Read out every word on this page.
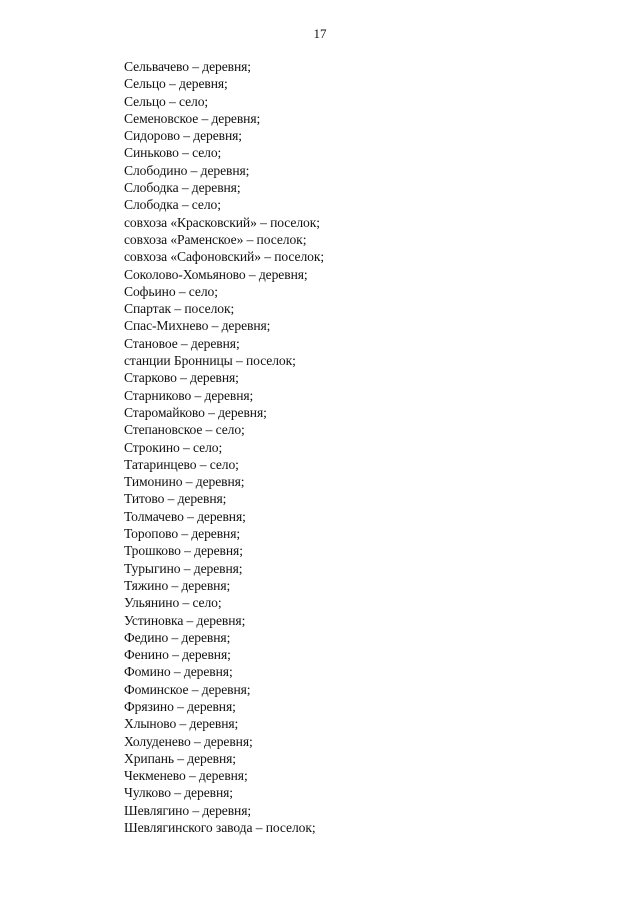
17
Сельвачево – деревня;
Сельцо – деревня;
Сельцо – село;
Семеновское – деревня;
Сидорово – деревня;
Синьково – село;
Слободино – деревня;
Слободка – деревня;
Слободка – село;
совхоза «Красковский» – поселок;
совхоза «Раменское» – поселок;
совхоза «Сафоновский» – поселок;
Соколово-Хомьяново – деревня;
Софьино – село;
Спартак – поселок;
Спас-Михнево – деревня;
Становое – деревня;
станции Бронницы – поселок;
Старково – деревня;
Старниково – деревня;
Старомайково – деревня;
Степановское – село;
Строкино – село;
Татаринцево – село;
Тимонино – деревня;
Титово – деревня;
Толмачево – деревня;
Торопово – деревня;
Трошково – деревня;
Турыгино – деревня;
Тяжино – деревня;
Ульянино – село;
Устиновка – деревня;
Федино – деревня;
Фенино – деревня;
Фомино – деревня;
Фоминское – деревня;
Фрязино – деревня;
Хлыново – деревня;
Холуденево – деревня;
Хрипань – деревня;
Чекменево – деревня;
Чулково – деревня;
Шевлягино – деревня;
Шевлягинского завода – поселок;
